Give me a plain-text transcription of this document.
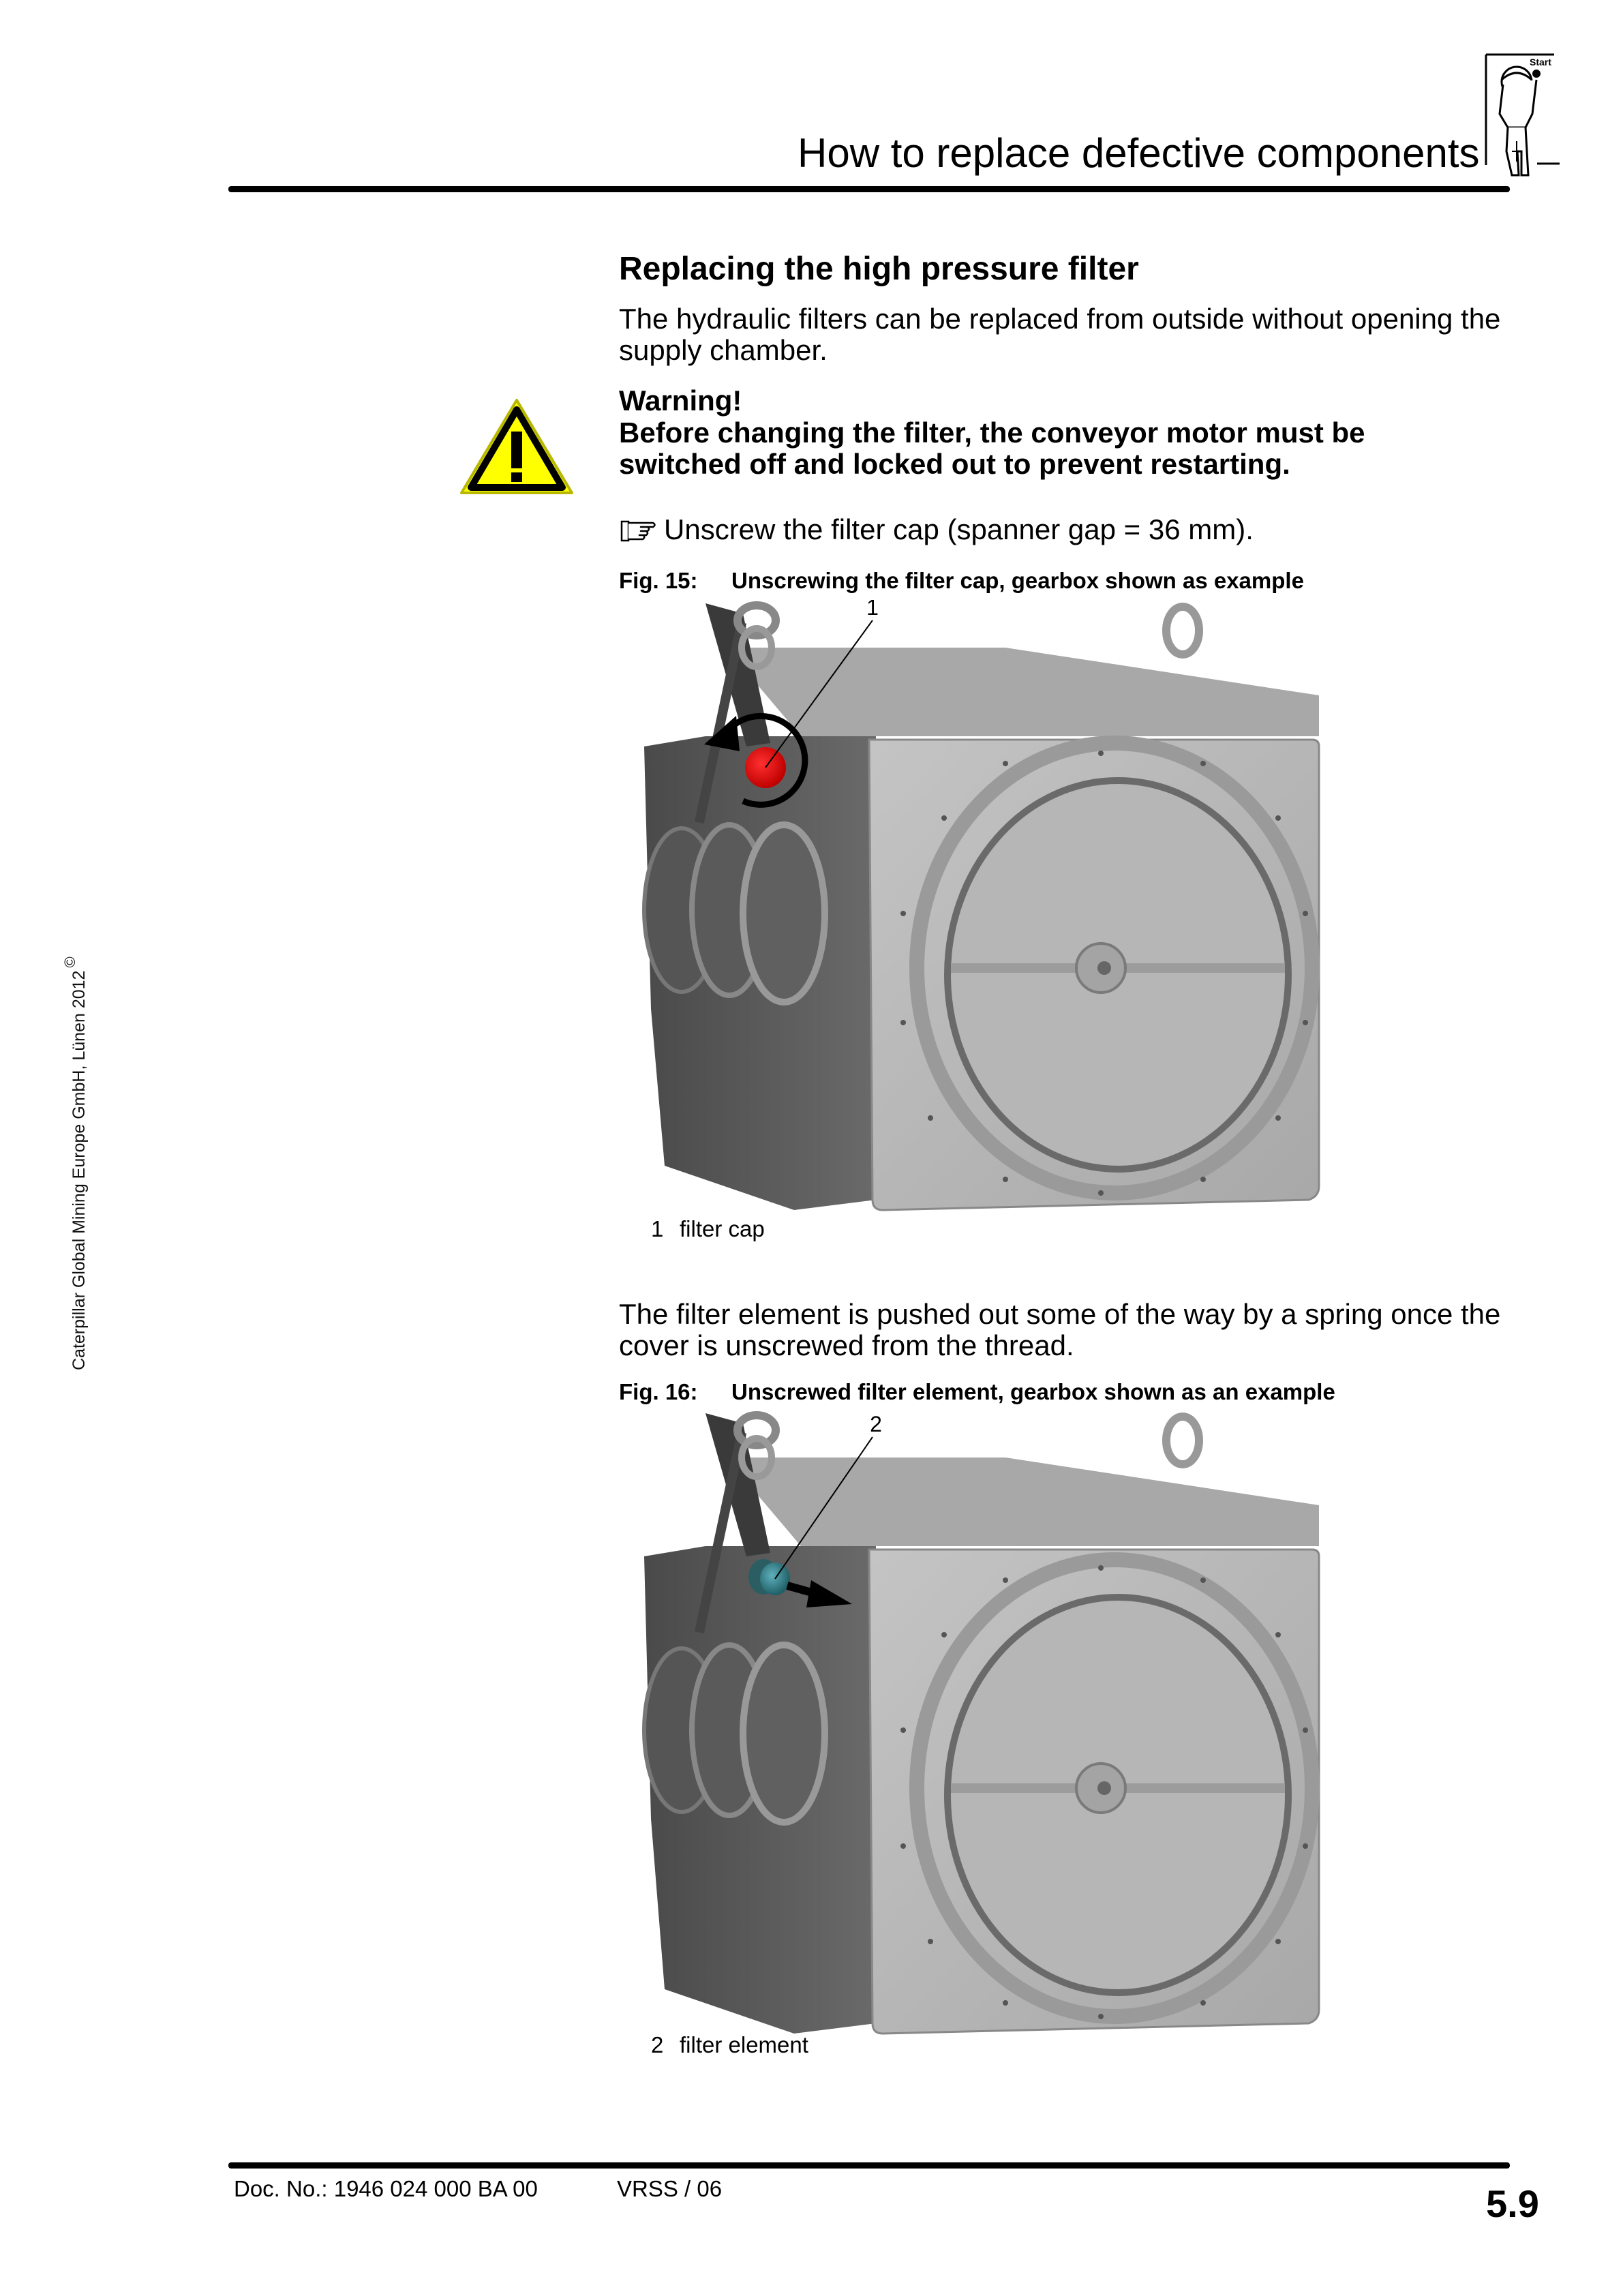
How to replace defective components
Start
Caterpillar Global Mining Europe GmbH, Lünen 2012©
Replacing the high pressure filter
The hydraulic filters can be replaced from outside without opening the supply chamber.
Warning!
Before changing the filter, the conveyor motor must be switched off and locked out to prevent restarting.
Unscrew the filter cap (spanner gap = 36 mm).
Fig. 15: Unscrewing the filter cap, gearbox shown as example
1
1 filter cap
The filter element is pushed out some of the way by a spring once the cover is unscrewed from the thread.
Fig. 16: Unscrewed filter element, gearbox shown as an example
2
2 filter element
Doc. No.: 1946 024 000 BA 00	VRSS / 06	5.9
